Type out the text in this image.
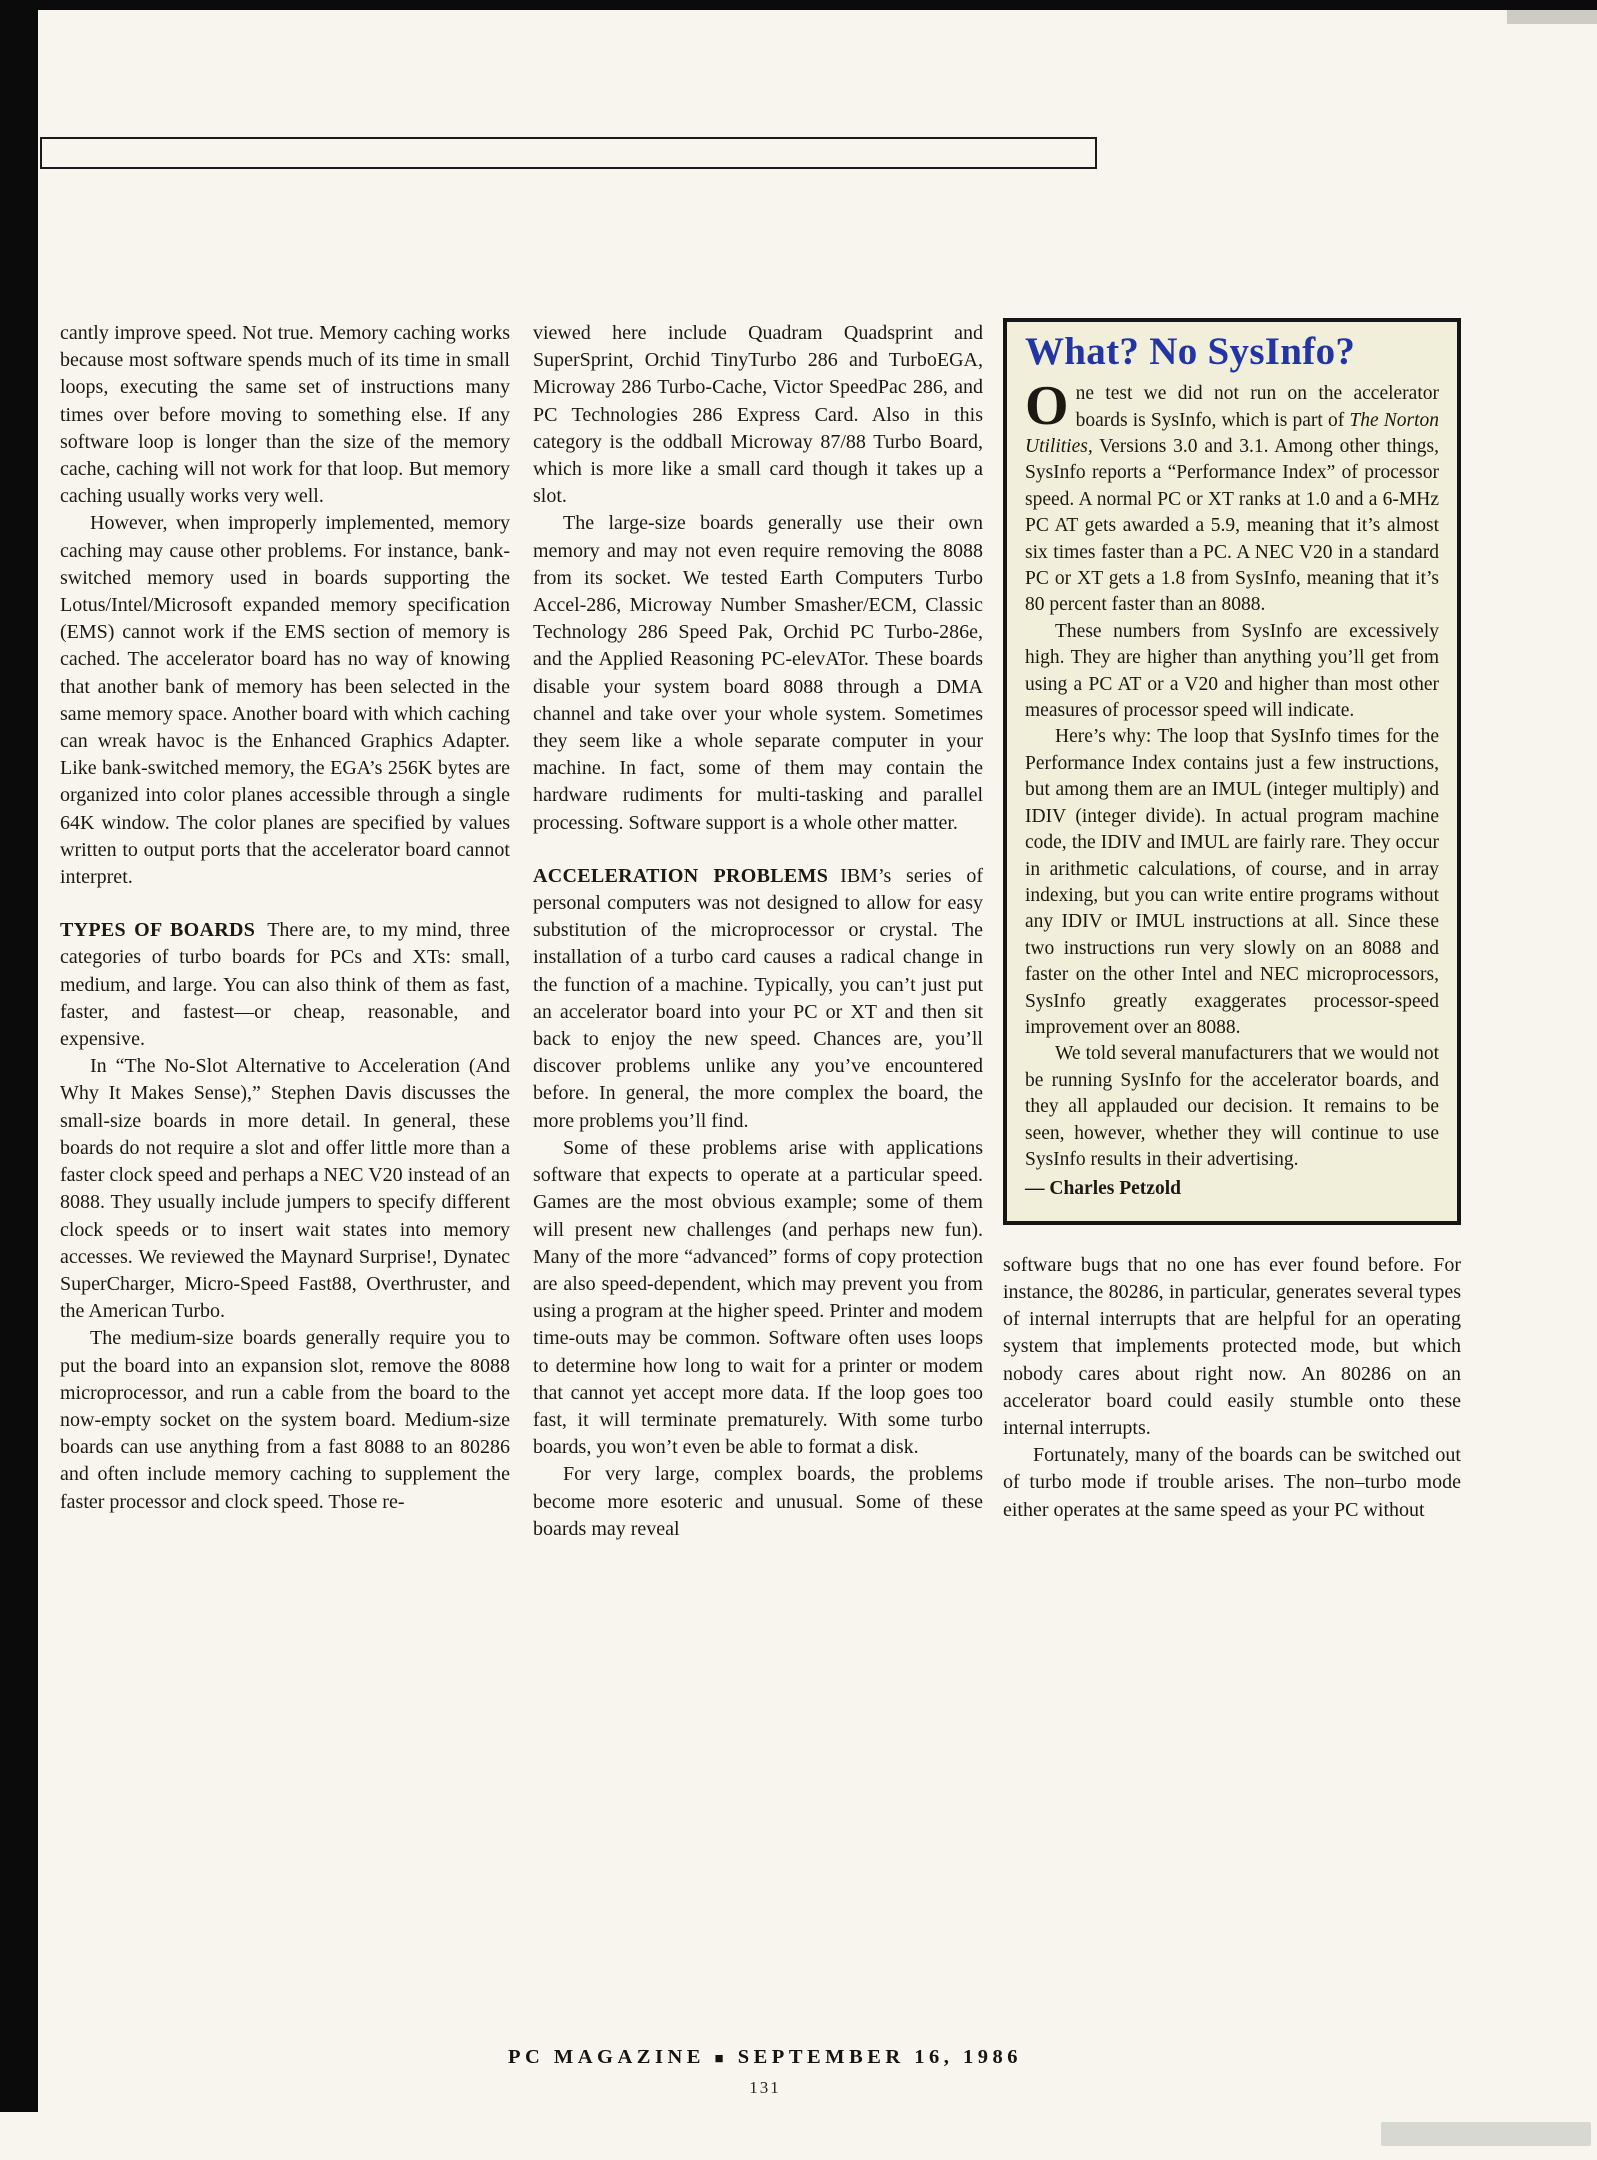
cantly improve speed. Not true. Memory caching works because most software spends much of its time in small loops, executing the same set of instructions many times over before moving to something else. If any software loop is longer than the size of the memory cache, caching will not work for that loop. But memory caching usually works very well.

However, when improperly implemented, memory caching may cause other problems. For instance, bank-switched memory used in boards supporting the Lotus/Intel/Microsoft expanded memory specification (EMS) cannot work if the EMS section of memory is cached. The accelerator board has no way of knowing that another bank of memory has been selected in the same memory space. Another board with which caching can wreak havoc is the Enhanced Graphics Adapter. Like bank-switched memory, the EGA’s 256K bytes are organized into color planes accessible through a single 64K window. The color planes are specified by values written to output ports that the accelerator board cannot interpret.

TYPES OF BOARDS There are, to my mind, three categories of turbo boards for PCs and XTs: small, medium, and large. You can also think of them as fast, faster, and fastest—or cheap, reasonable, and expensive.

In “The No-Slot Alternative to Acceleration (And Why It Makes Sense),” Stephen Davis discusses the small-size boards in more detail. In general, these boards do not require a slot and offer little more than a faster clock speed and perhaps a NEC V20 instead of an 8088. They usually include jumpers to specify different clock speeds or to insert wait states into memory accesses. We reviewed the Maynard Surprise!, Dynatec SuperCharger, Micro-Speed Fast88, Overthruster, and the American Turbo.

The medium-size boards generally require you to put the board into an expansion slot, remove the 8088 microprocessor, and run a cable from the board to the now-empty socket on the system board. Medium-size boards can use anything from a fast 8088 to an 80286 and often include memory caching to supplement the faster processor and clock speed. Those re-

viewed here include Quadram Quadsprint and SuperSprint, Orchid TinyTurbo 286 and TurboEGA, Microway 286 Turbo-Cache, Victor SpeedPac 286, and PC Technologies 286 Express Card. Also in this category is the oddball Microway 87/88 Turbo Board, which is more like a small card though it takes up a slot.

The large-size boards generally use their own memory and may not even require removing the 8088 from its socket. We tested Earth Computers Turbo Accel-286, Microway Number Smasher/ECM, Classic Technology 286 Speed Pak, Orchid PC Turbo-286e, and the Applied Reasoning PC-elevATor. These boards disable your system board 8088 through a DMA channel and take over your whole system. Sometimes they seem like a whole separate computer in your machine. In fact, some of them may contain the hardware rudiments for multi-tasking and parallel processing. Software support is a whole other matter.

ACCELERATION PROBLEMS IBM’s series of personal computers was not designed to allow for easy substitution of the microprocessor or crystal. The installation of a turbo card causes a radical change in the function of a machine. Typically, you can’t just put an accelerator board into your PC or XT and then sit back to enjoy the new speed. Chances are, you’ll discover problems unlike any you’ve encountered before. In general, the more complex the board, the more problems you’ll find.

Some of these problems arise with applications software that expects to operate at a particular speed. Games are the most obvious example; some of them will present new challenges (and perhaps new fun). Many of the more “advanced” forms of copy protection are also speed-dependent, which may prevent you from using a program at the higher speed. Printer and modem time-outs may be common. Software often uses loops to determine how long to wait for a printer or modem that cannot yet accept more data. If the loop goes too fast, it will terminate prematurely. With some turbo boards, you won’t even be able to format a disk.

For very large, complex boards, the problems become more esoteric and unusual. Some of these boards may reveal

What? No SysInfo?

One test we did not run on the accelerator boards is SysInfo, which is part of The Norton Utilities, Versions 3.0 and 3.1. Among other things, SysInfo reports a “Performance Index” of processor speed. A normal PC or XT ranks at 1.0 and a 6-MHz PC AT gets awarded a 5.9, meaning that it’s almost six times faster than a PC. A NEC V20 in a standard PC or XT gets a 1.8 from SysInfo, meaning that it’s 80 percent faster than an 8088.

These numbers from SysInfo are excessively high. They are higher than anything you’ll get from using a PC AT or a V20 and higher than most other measures of processor speed will indicate.

Here’s why: The loop that SysInfo times for the Performance Index contains just a few instructions, but among them are an IMUL (integer multiply) and IDIV (integer divide). In actual program machine code, the IDIV and IMUL are fairly rare. They occur in arithmetic calculations, of course, and in array indexing, but you can write entire programs without any IDIV or IMUL instructions at all. Since these two instructions run very slowly on an 8088 and faster on the other Intel and NEC microprocessors, SysInfo greatly exaggerates processor-speed improvement over an 8088.

We told several manufacturers that we would not be running SysInfo for the accelerator boards, and they all applauded our decision. It remains to be seen, however, whether they will continue to use SysInfo results in their advertising.

— Charles Petzold

software bugs that no one has ever found before. For instance, the 80286, in particular, generates several types of internal interrupts that are helpful for an operating system that implements protected mode, but which nobody cares about right now. An 80286 on an accelerator board could easily stumble onto these internal interrupts.

Fortunately, many of the boards can be switched out of turbo mode if trouble arises. The non–turbo mode either operates at the same speed as your PC without

PC MAGAZINE ■ SEPTEMBER 16, 1986
131
